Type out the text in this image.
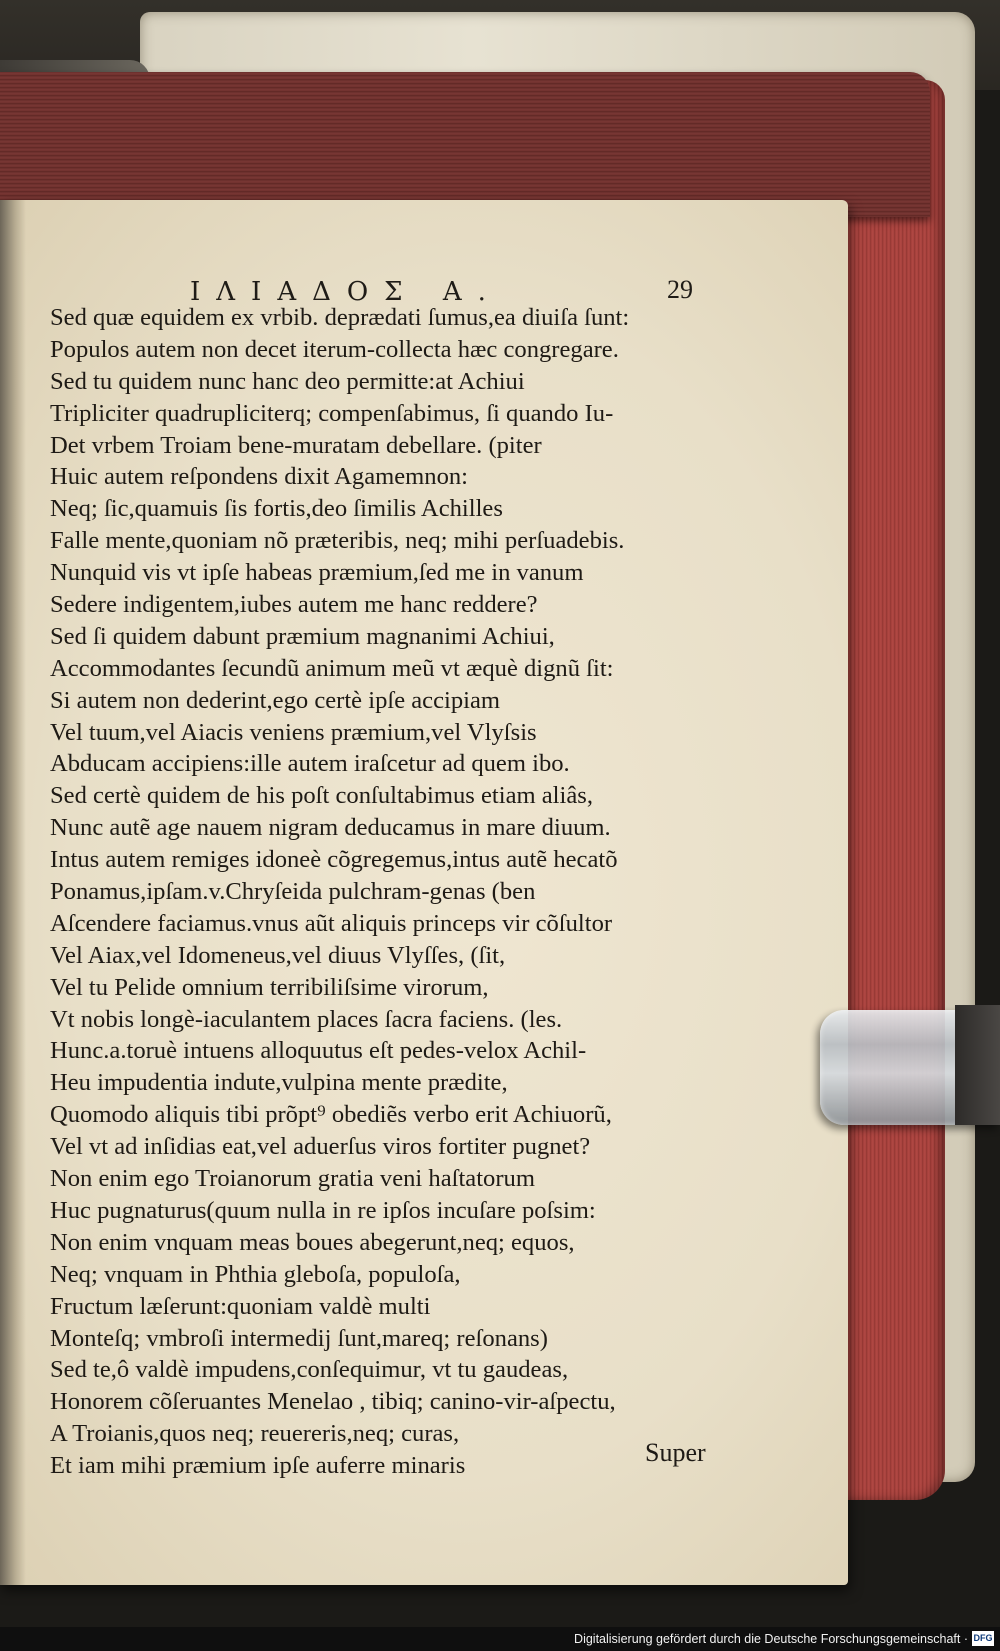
ΙΛΙΑΔΟΣ Α.	29
Sed quæ equidem ex vrbib. deprædati ſumus,ea diuiſa ſunt:
Populos autem non decet iterum-collecta hæc congregare.
Sed tu quidem nunc hanc deo permitte:at Achiui
Tripliciter quadrupliciterq; compenſabimus, ſi quando Iu-
Det vrbem Troiam bene-muratam debellare. (piter
Huic autem reſpondens dixit Agamemnon:
Neq; ſic,quamuis ſis fortis,deo ſimilis Achilles
Falle mente,quoniam nõ præteribis, neq; mihi perſuadebis.
Nunquid vis vt ipſe habeas præmium,ſed me in vanum
Sedere indigentem,iubes autem me hanc reddere?
Sed ſi quidem dabunt præmium magnanimi Achiui,
Accommodantes ſecundũ animum meũ vt æquè dignũ ſit:
Si autem non dederint,ego certè ipſe accipiam
Vel tuum,vel Aiacis veniens præmium,vel Vlyſsis
Abducam accipiens:ille autem iraſcetur ad quem ibo.
Sed certè quidem de his poſt conſultabimus etiam aliâs,
Nunc autẽ age nauem nigram deducamus in mare diuum.
Intus autem remiges idoneè cõgregemus,intus autẽ hecatõ
Ponamus,ipſam.v.Chryſeida pulchram-genas (ben
Aſcendere faciamus.vnus aũt aliquis princeps vir cõſultor
Vel Aiax,vel Idomeneus,vel diuus Vlyſſes, (ſit,
Vel tu Pelide omnium terribiliſsime virorum,
Vt nobis longè-iaculantem places ſacra faciens. (les.
Hunc.a.toruè intuens alloquutus eſt pedes-velox Achil-
Heu impudentia indute,vulpina mente prædite,
Quomodo aliquis tibi prõpt⁹ obediẽs verbo erit Achiuorũ,
Vel vt ad inſidias eat,vel aduerſus viros fortiter pugnet?
Non enim ego Troianorum gratia veni haſtatorum
Huc pugnaturus(quum nulla in re ipſos incuſare poſsim:
Non enim vnquam meas boues abegerunt,neq; equos,
Neq; vnquam in Phthia gleboſa, populoſa,
Fructum læſerunt:quoniam valdè multi
Monteſq; vmbroſi intermedij ſunt,mareq; reſonans)
Sed te,ô valdè impudens,conſequimur, vt tu gaudeas,
Honorem cõſeruantes Menelao , tibiq; canino-vir-aſpectu,
A Troianis,quos neq; reuereris,neq; curas,
Et iam mihi præmium ipſe auferre minaris	Super
Digitalisierung gefördert durch die Deutsche Forschungsgemeinschaft · DFG
